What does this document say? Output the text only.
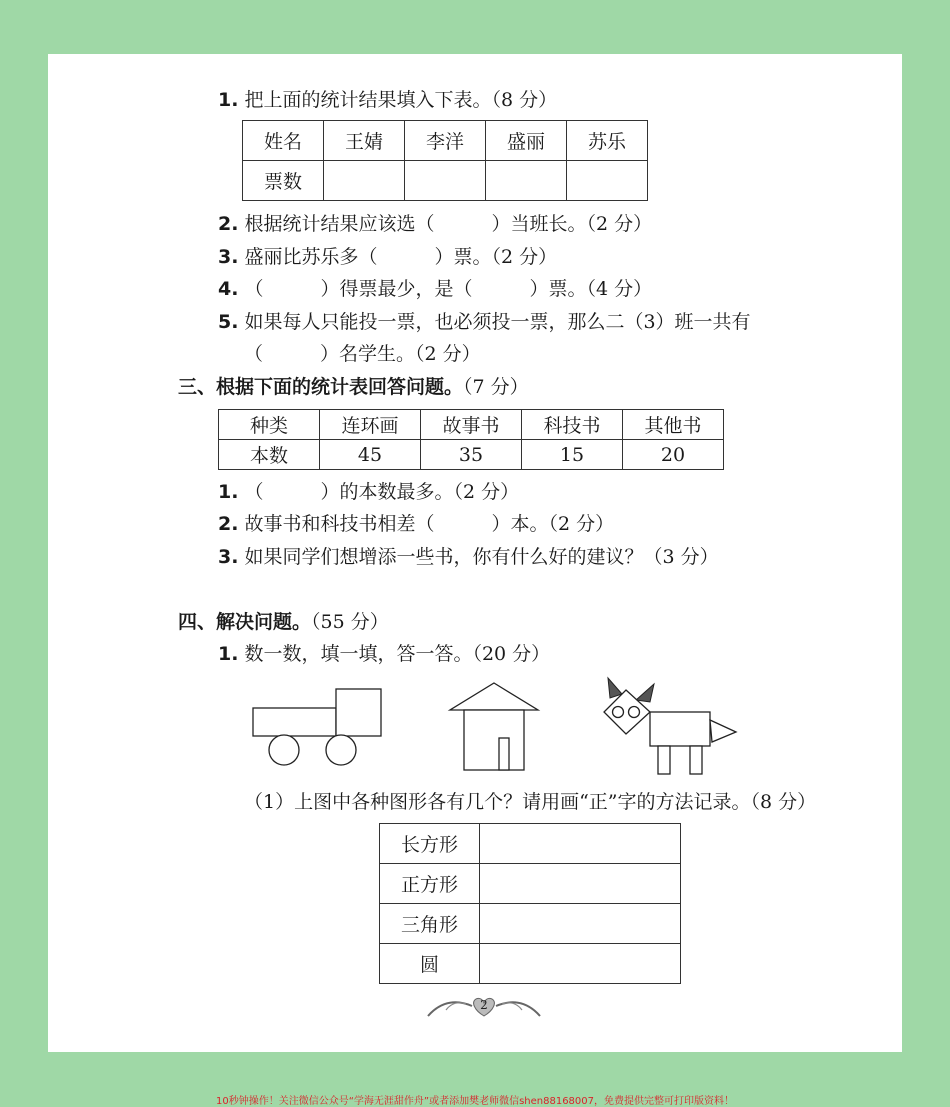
1. 把上面的统计结果填入下表。（8 分）
姓名	王婧	李洋	盛丽	苏乐
票数				
2. 根据统计结果应该选（　　　）当班长。（2 分）
3. 盛丽比苏乐多（　　　）票。（2 分）
4. （　　　）得票最少，是（　　　）票。（4 分）
5. 如果每人只能投一票，也必须投一票，那么二（3）班一共有
（　　　）名学生。（2 分）
三、根据下面的统计表回答问题。（7 分）
种类	连环画	故事书	科技书	其他书
本数	45	35	15	20
1. （　　　）的本数最多。（2 分）
2. 故事书和科技书相差（　　　）本。（2 分）
3. 如果同学们想增添一些书，你有什么好的建议？（3 分）
四、解决问题。（55 分）
1. 数一数，填一填，答一答。（20 分）
（1）上图中各种图形各有几个？请用画“正”字的方法记录。（8 分）
长方形	
正方形	
三角形	
圆	
2
10秒钟操作！关注微信公众号“学海无涯甜作舟”或者添加樊老师微信shen88168007，免费提供完整可打印版资料！
